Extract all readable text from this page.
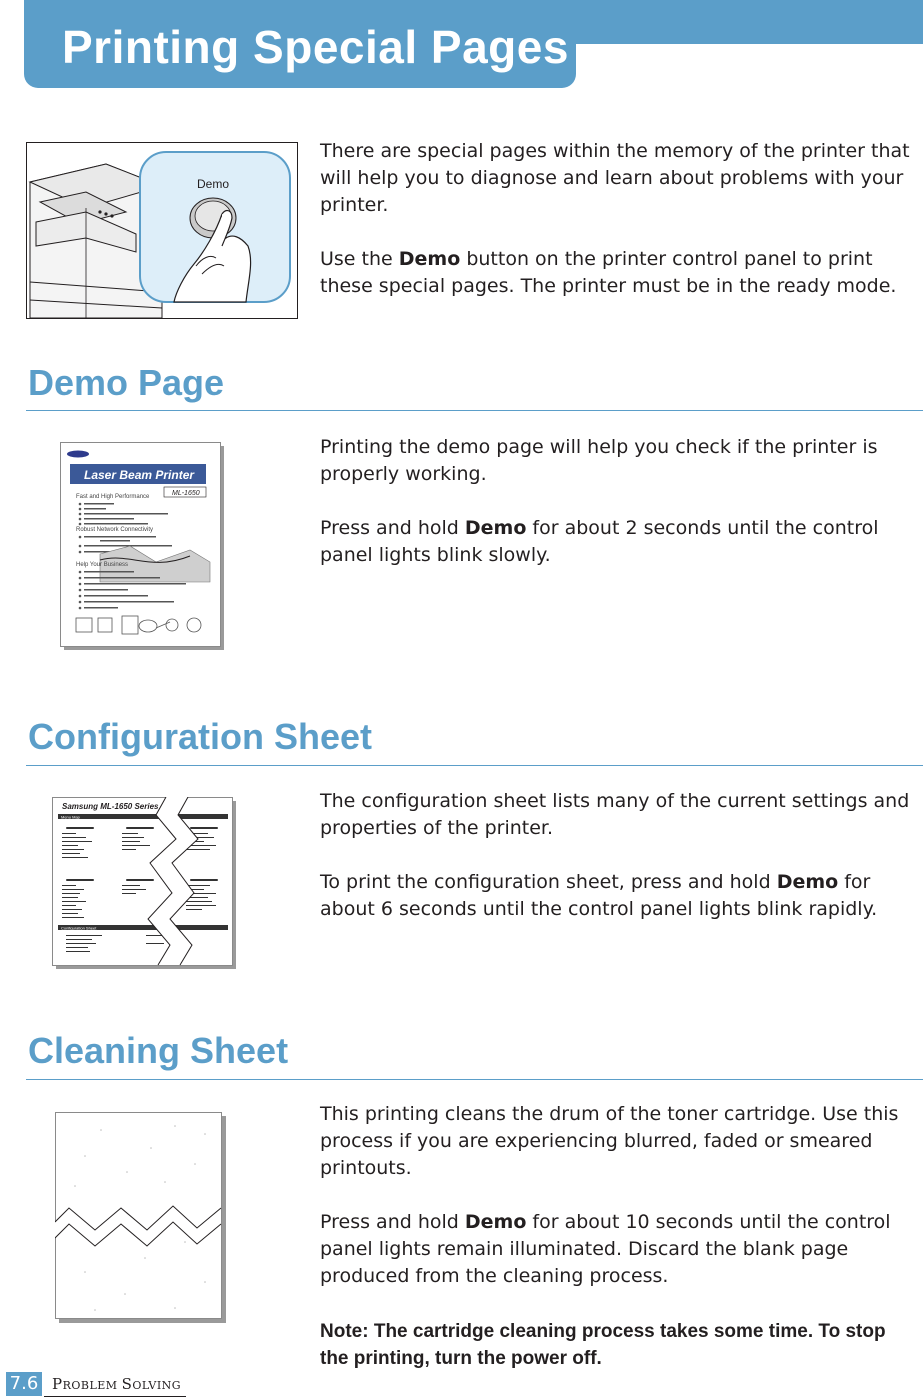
Printing Special Pages
Demo

There are special pages within the memory of the printer that will help you to diagnose and learn about problems with your printer.

Use the Demo button on the printer control panel to print these special pages. The printer must be in the ready mode.

Demo Page
Laser Beam Printer
ML-1650
Fast and High Performance
Robust Network Connectivity
Help Your Business

Printing the demo page will help you check if the printer is properly working.

Press and hold Demo for about 2 seconds until the control panel lights blink slowly.

Configuration Sheet
Samsung ML-1650 Series
Menu Map
Configuration Sheet

The configuration sheet lists many of the current settings and properties of the printer.

To print the configuration sheet, press and hold Demo for about 6 seconds until the control panel lights blink rapidly.

Cleaning Sheet

This printing cleans the drum of the toner cartridge. Use this process if you are experiencing blurred, faded or smeared printouts.

Press and hold Demo for about 10 seconds until the control panel lights remain illuminated. Discard the blank page produced from the cleaning process.

Note: The cartridge cleaning process takes some time. To stop the printing, turn the power off.
7.6 PROBLEM SOLVING
